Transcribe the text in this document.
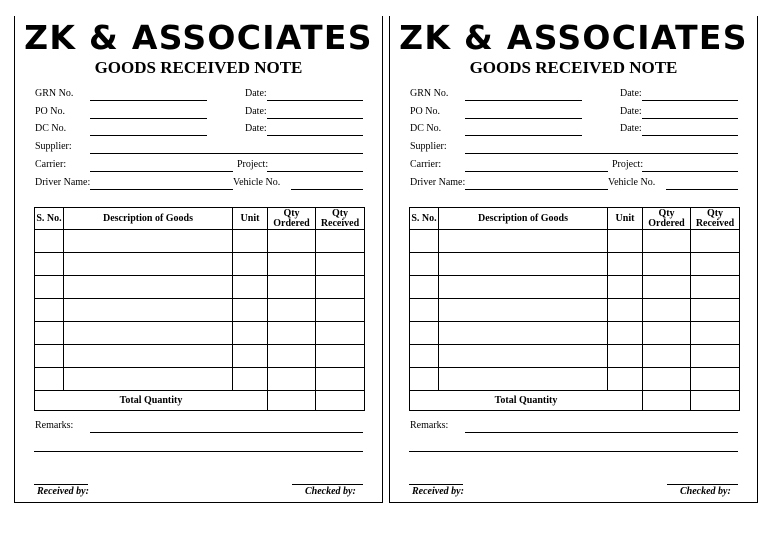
ZK & ASSOCIATES
GOODS RECEIVED NOTE
GRN No.	Date:
PO No.	Date:
DC No.	Date:
Supplier:
Carrier:	Project:
Driver Name:	Vehicle No.
S. No.	Description of Goods	Unit	Qty Ordered	Qty Received

Total Quantity				
Remarks:
Received by:	Checked by:
ZK & ASSOCIATES
GOODS RECEIVED NOTE
GRN No.	Date:
PO No.	Date:
DC No.	Date:
Supplier:
Carrier:	Project:
Driver Name:	Vehicle No.
S. No.	Description of Goods	Unit	Qty Ordered	Qty Received

Total Quantity				
Remarks:
Received by:	Checked by:
